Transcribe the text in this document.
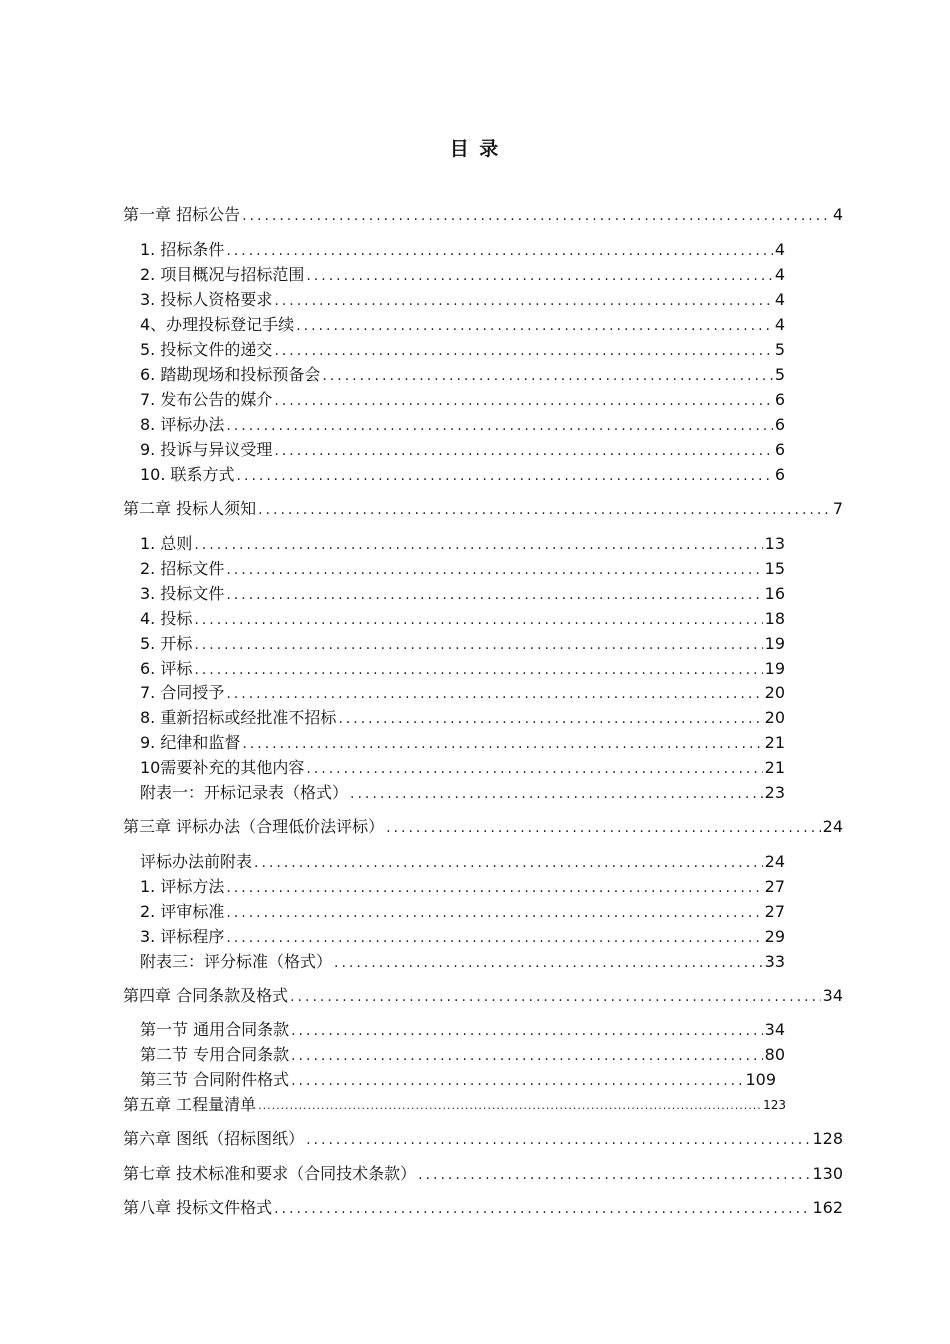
目 录
第一章 招标公告 .....	4
1. 招标条件 .....	4
2. 项目概况与招标范围 .....	4
3. 投标人资格要求 .....	4
4、办理投标登记手续 .....	4
5. 投标文件的递交 .....	5
6. 踏勘现场和投标预备会 .....	5
7. 发布公告的媒介 .....	6
8. 评标办法 .....	6
9. 投诉与异议受理 .....	6
10. 联系方式 .....	6
第二章 投标人须知 .....	7
1. 总则 .....	13
2. 招标文件 .....	15
3. 投标文件 .....	16
4. 投标 .....	18
5. 开标 .....	19
6. 评标 .....	19
7. 合同授予 .....	20
8. 重新招标或经批准不招标 .....	20
9. 纪律和监督 .....	21
10需要补充的其他内容 .....	21
附表一：开标记录表（格式） .....	23
第三章 评标办法（合理低价法评标） .....	24
评标办法前附表 .....	24
1. 评标方法 .....	27
2. 评审标准 .....	27
3. 评标程序 .....	29
附表三：评分标准（格式） .....	33
第四章 合同条款及格式 .....	34
第一节 通用合同条款 .....	34
第二节 专用合同条款 .....	80
第三节 合同附件格式 .....	109
第五章 工程量清单 .....	123
第六章 图纸（招标图纸） .....	128
第七章 技术标准和要求（合同技术条款） .....	130
第八章 投标文件格式 .....	162
